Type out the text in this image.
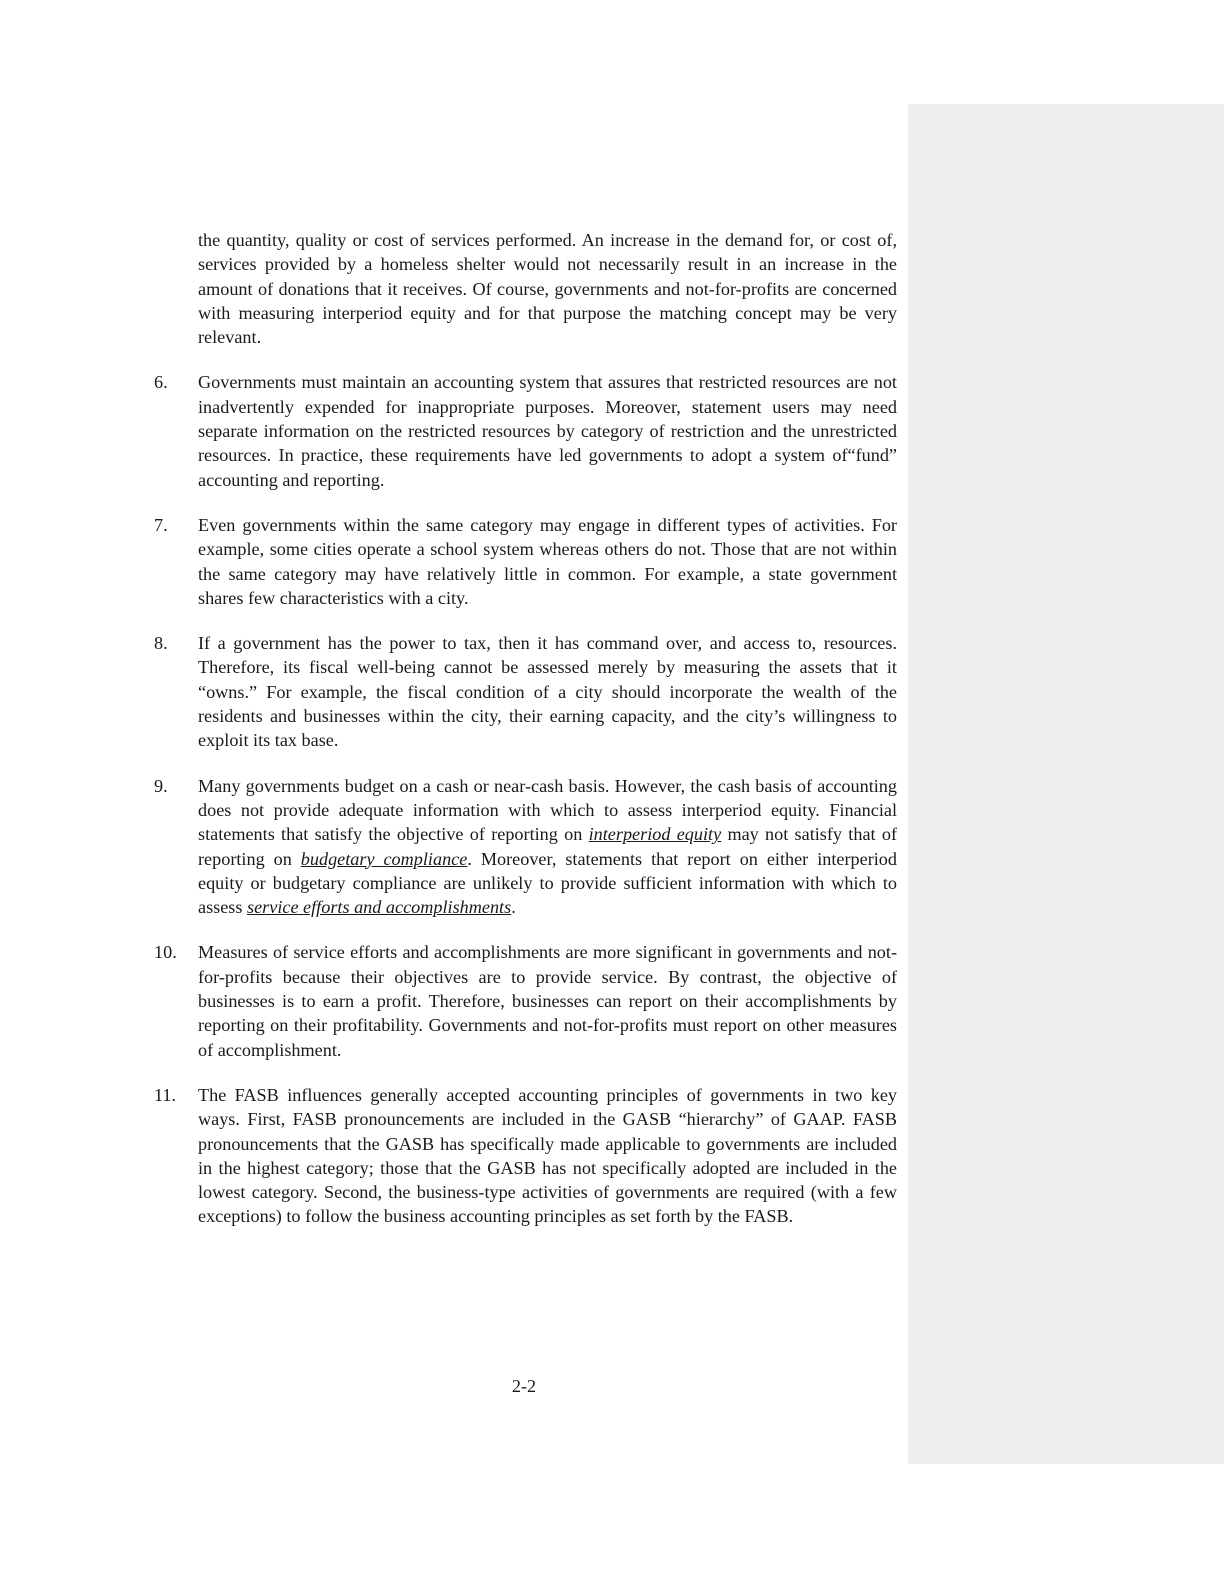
the quantity, quality or cost of services performed. An increase in the demand for, or cost of, services provided by a homeless shelter would not necessarily result in an increase in the amount of donations that it receives. Of course, governments and not-for-profits are concerned with measuring interperiod equity and for that purpose the matching concept may be very relevant.
6.	Governments must maintain an accounting system that assures that restricted resources are not inadvertently expended for inappropriate purposes. Moreover, statement users may need separate information on the restricted resources by category of restriction and the unrestricted resources. In practice, these requirements have led governments to adopt a system of“fund” accounting and reporting.
7.	Even governments within the same category may engage in different types of activities. For example, some cities operate a school system whereas others do not. Those that are not within the same category may have relatively little in common. For example, a state government shares few characteristics with a city.
8.	If a government has the power to tax, then it has command over, and access to, resources. Therefore, its fiscal well-being cannot be assessed merely by measuring the assets that it “owns.” For example, the fiscal condition of a city should incorporate the wealth of the residents and businesses within the city, their earning capacity, and the city’s willingness to exploit its tax base.
9.	Many governments budget on a cash or near-cash basis. However, the cash basis of accounting does not provide adequate information with which to assess interperiod equity. Financial statements that satisfy the objective of reporting on interperiod equity may not satisfy that of reporting on budgetary compliance. Moreover, statements that report on either interperiod equity or budgetary compliance are unlikely to provide sufficient information with which to assess service efforts and accomplishments.
10.	Measures of service efforts and accomplishments are more significant in governments and not-for-profits because their objectives are to provide service. By contrast, the objective of businesses is to earn a profit. Therefore, businesses can report on their accomplishments by reporting on their profitability. Governments and not-for-profits must report on other measures of accomplishment.
11.	The FASB influences generally accepted accounting principles of governments in two key ways. First, FASB pronouncements are included in the GASB “hierarchy” of GAAP. FASB pronouncements that the GASB has specifically made applicable to governments are included in the highest category; those that the GASB has not specifically adopted are included in the lowest category. Second, the business-type activities of governments are required (with a few exceptions) to follow the business accounting principles as set forth by the FASB.
2-2
